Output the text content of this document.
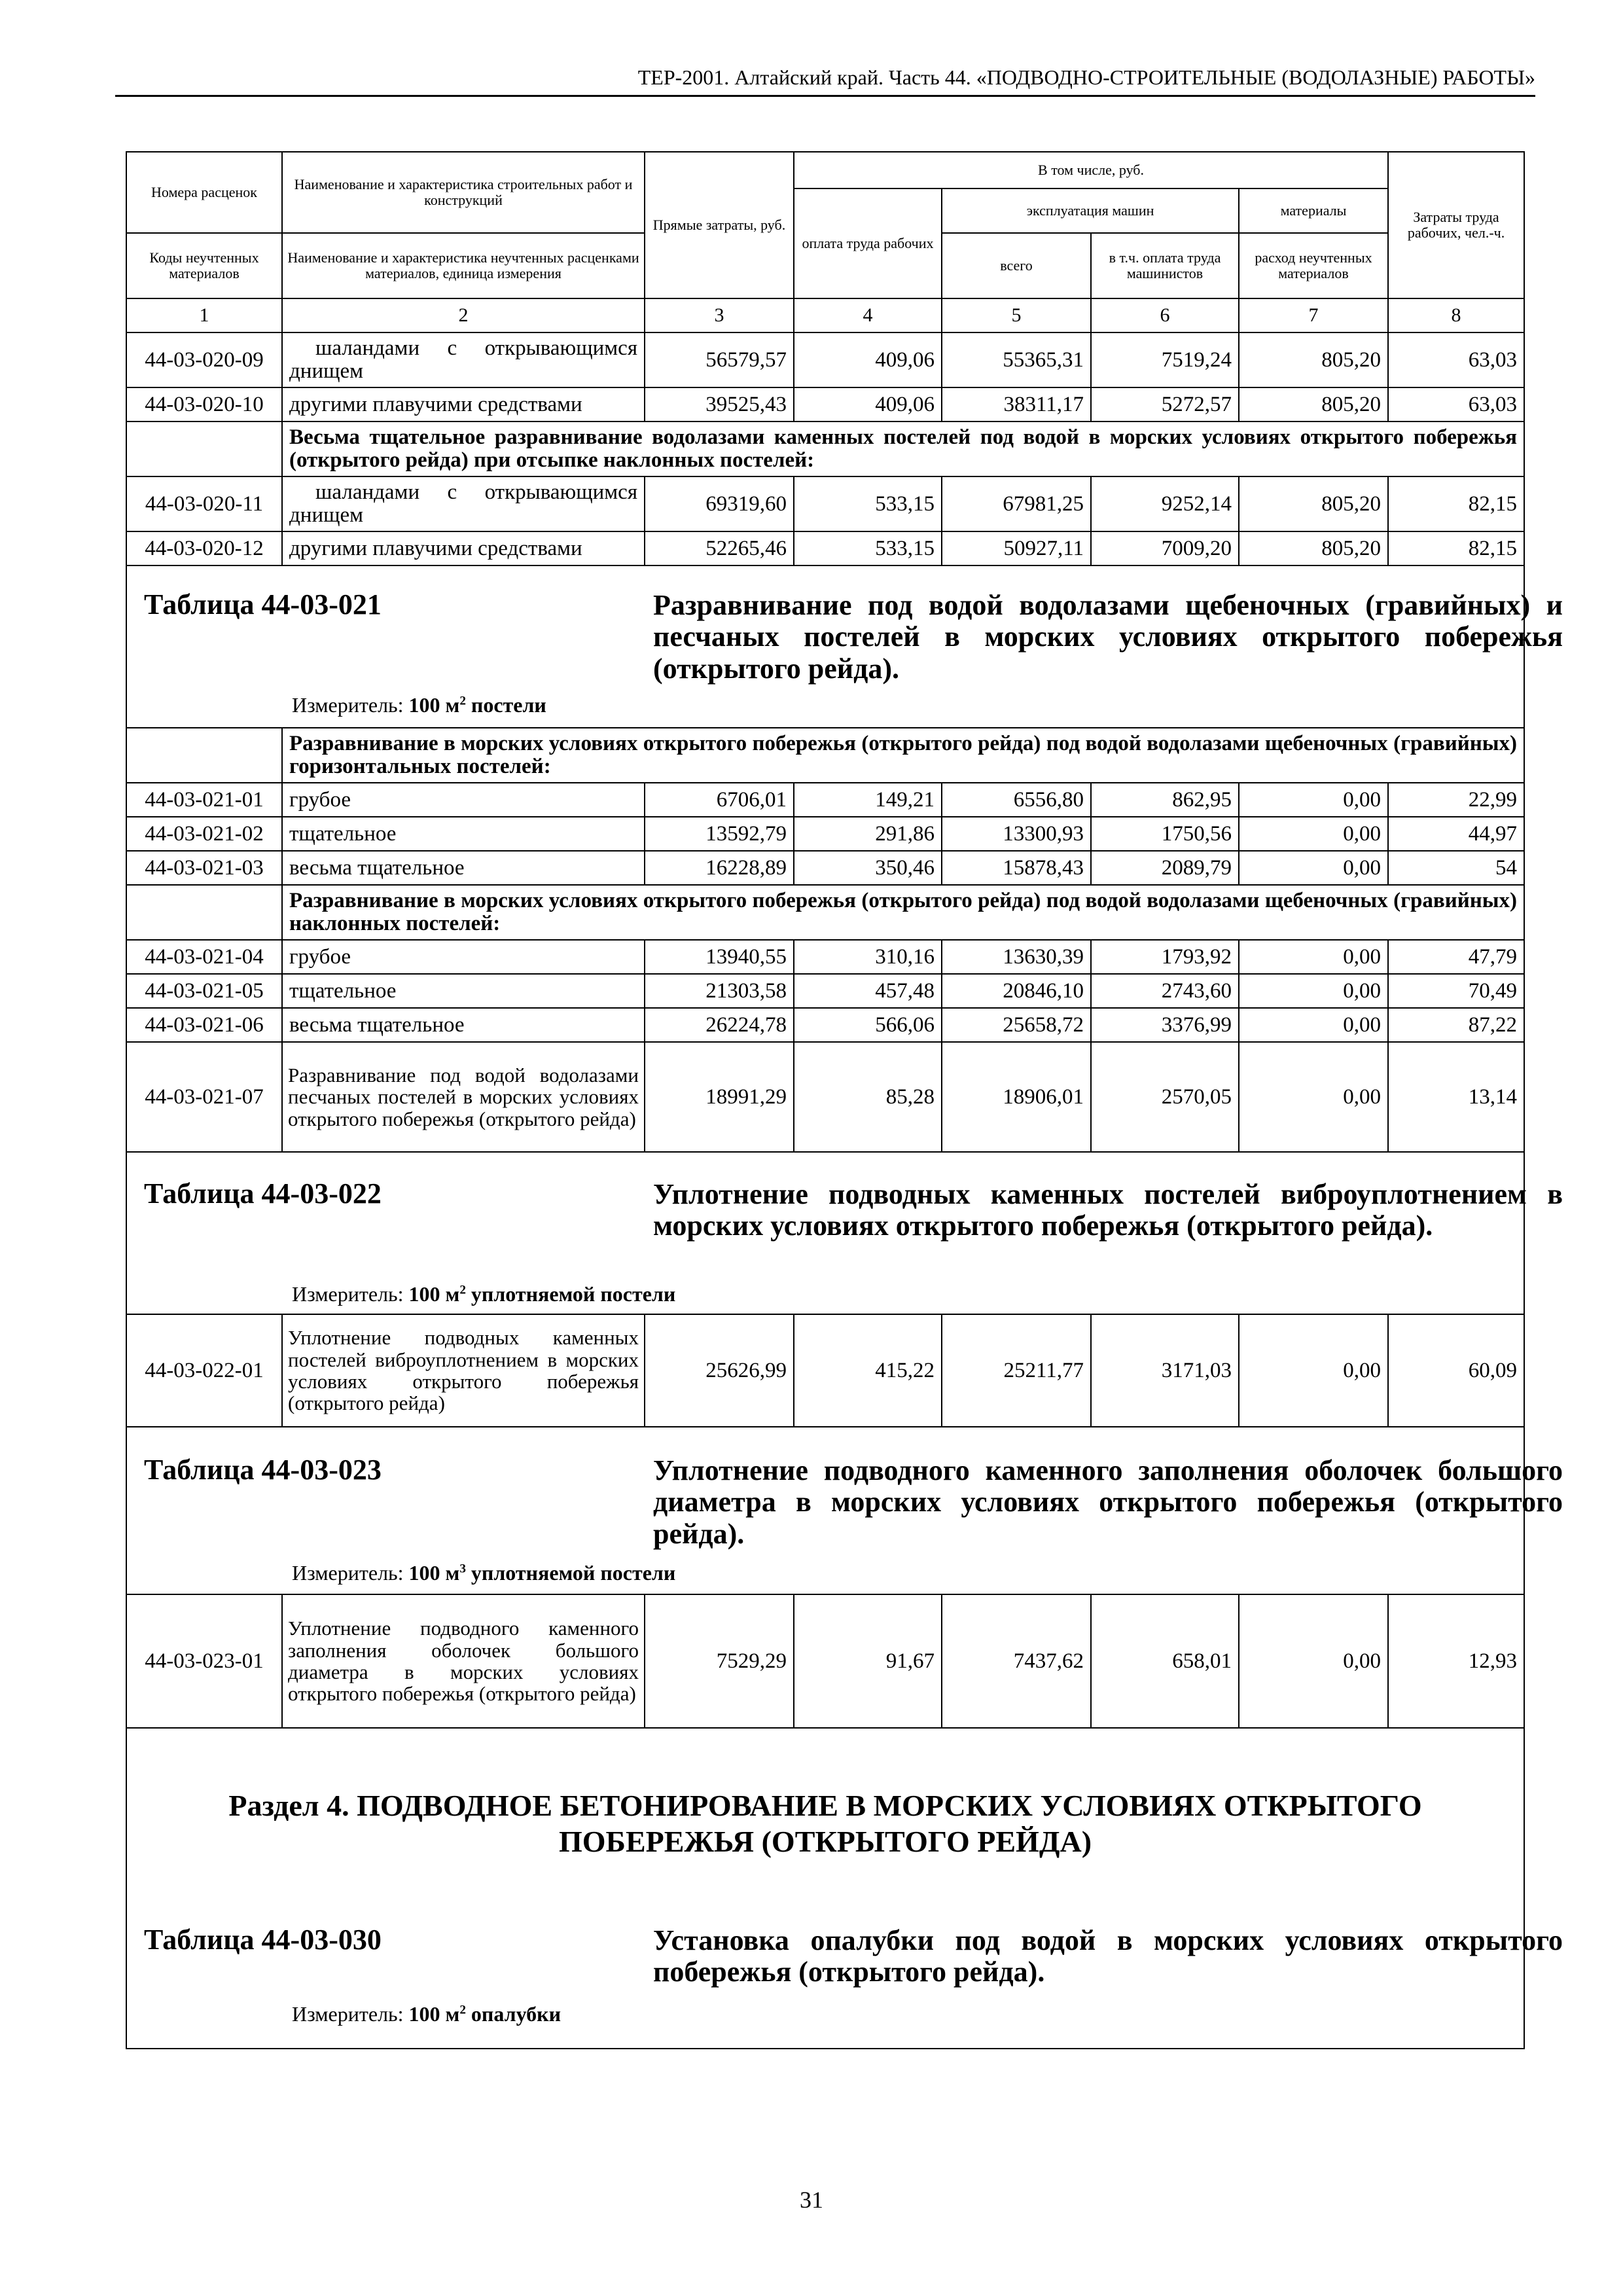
ТЕР-2001. Алтайский край. Часть 44. «ПОДВОДНО-СТРОИТЕЛЬНЫЕ (ВОДОЛАЗНЫЕ) РАБОТЫ»
Номера расценок	Наименование и характеристика строительных работ и конструкций	Прямые затраты, руб.	В том числе, руб.				Затраты труда рабочих, чел.-ч.
			оплата труда рабочих	эксплуатация машин		материалы	
Коды неучтенных материалов	Наименование и характеристика неучтенных расценками материалов, единица измерения			всего	в т.ч. оплата труда машинистов	расход неучтенных материалов	
1	2	3	4	5	6	7	8
44-03-020-09	шаландами с открывающимся днищем	56579,57	409,06	55365,31	7519,24	805,20	63,03
44-03-020-10	другими плавучими средствами	39525,43	409,06	38311,17	5272,57	805,20	63,03
	Весьма тщательное разравнивание водолазами каменных постелей под водой в морских условиях открытого побережья (открытого рейда) при отсыпке наклонных постелей:						
44-03-020-11	шаландами с открывающимся днищем	69319,60	533,15	67981,25	9252,14	805,20	82,15
44-03-020-12	другими плавучими средствами	52265,46	533,15	50927,11	7009,20	805,20	82,15

Таблица 44-03-021 Разравнивание под водой водолазами щебеночных (гравийных) и песчаных постелей в морских условиях открытого побережья (открытого рейда).
Измеритель: 100 $м^2$ постели							

	Разравнивание в морских условиях открытого побережья (открытого рейда) под водой водолазами щебеночных (гравийных) горизонтальных постелей:						
44-03-021-01	грубое	6706,01	149,21	6556,80	862,95	0,00	22,99
44-03-021-02	тщательное	13592,79	291,86	13300,93	1750,56	0,00	44,97
44-03-021-03	весьма тщательное	16228,89	350,46	15878,43	2089,79	0,00	54
	Разравнивание в морских условиях открытого побережья (открытого рейда) под водой водолазами щебеночных (гравийных) наклонных постелей:						
44-03-021-04	грубое	13940,55	310,16	13630,39	1793,92	0,00	47,79
44-03-021-05	тщательное	21303,58	457,48	20846,10	2743,60	0,00	70,49
44-03-021-06	весьма тщательное	26224,78	566,06	25658,72	3376,99	0,00	87,22
44-03-021-07	Разравнивание под водой водолазами песчаных постелей в морских условиях открытого побережья (открытого рейда)	18991,29	85,28	18906,01	2570,05	0,00	13,14

Таблица 44-03-022 Уплотнение подводных каменных постелей виброуплотнением в морских условиях открытого побережья (открытого рейда).
Измеритель: 100 $м^2$ уплотняемой постели							

44-03-022-01	Уплотнение подводных каменных постелей виброуплотнением в морских условиях открытого побережья (открытого рейда)	25626,99	415,22	25211,77	3171,03	0,00	60,09

Таблица 44-03-023 Уплотнение подводного каменного заполнения оболочек большого диаметра в морских условиях открытого побережья (открытого рейда).
Измеритель: 100 $м^3$ уплотняемой постели							

44-03-023-01	Уплотнение подводного каменного заполнения оболочек большого диаметра в морских условиях открытого побережья (открытого рейда)	7529,29	91,67	7437,62	658,01	0,00	12,93

Раздел 4. ПОДВОДНОЕ БЕТОНИРОВАНИЕ В МОРСКИХ УСЛОВИЯХ ОТКРЫТОГО
ПОБЕРЕЖЬЯ (ОТКРЫТОГО РЕЙДА)
Таблица 44-03-030 Установка опалубки под водой в морских условиях открытого побережья (открытого рейда).
Измеритель: 100 $м^2$ опалубки							
31
